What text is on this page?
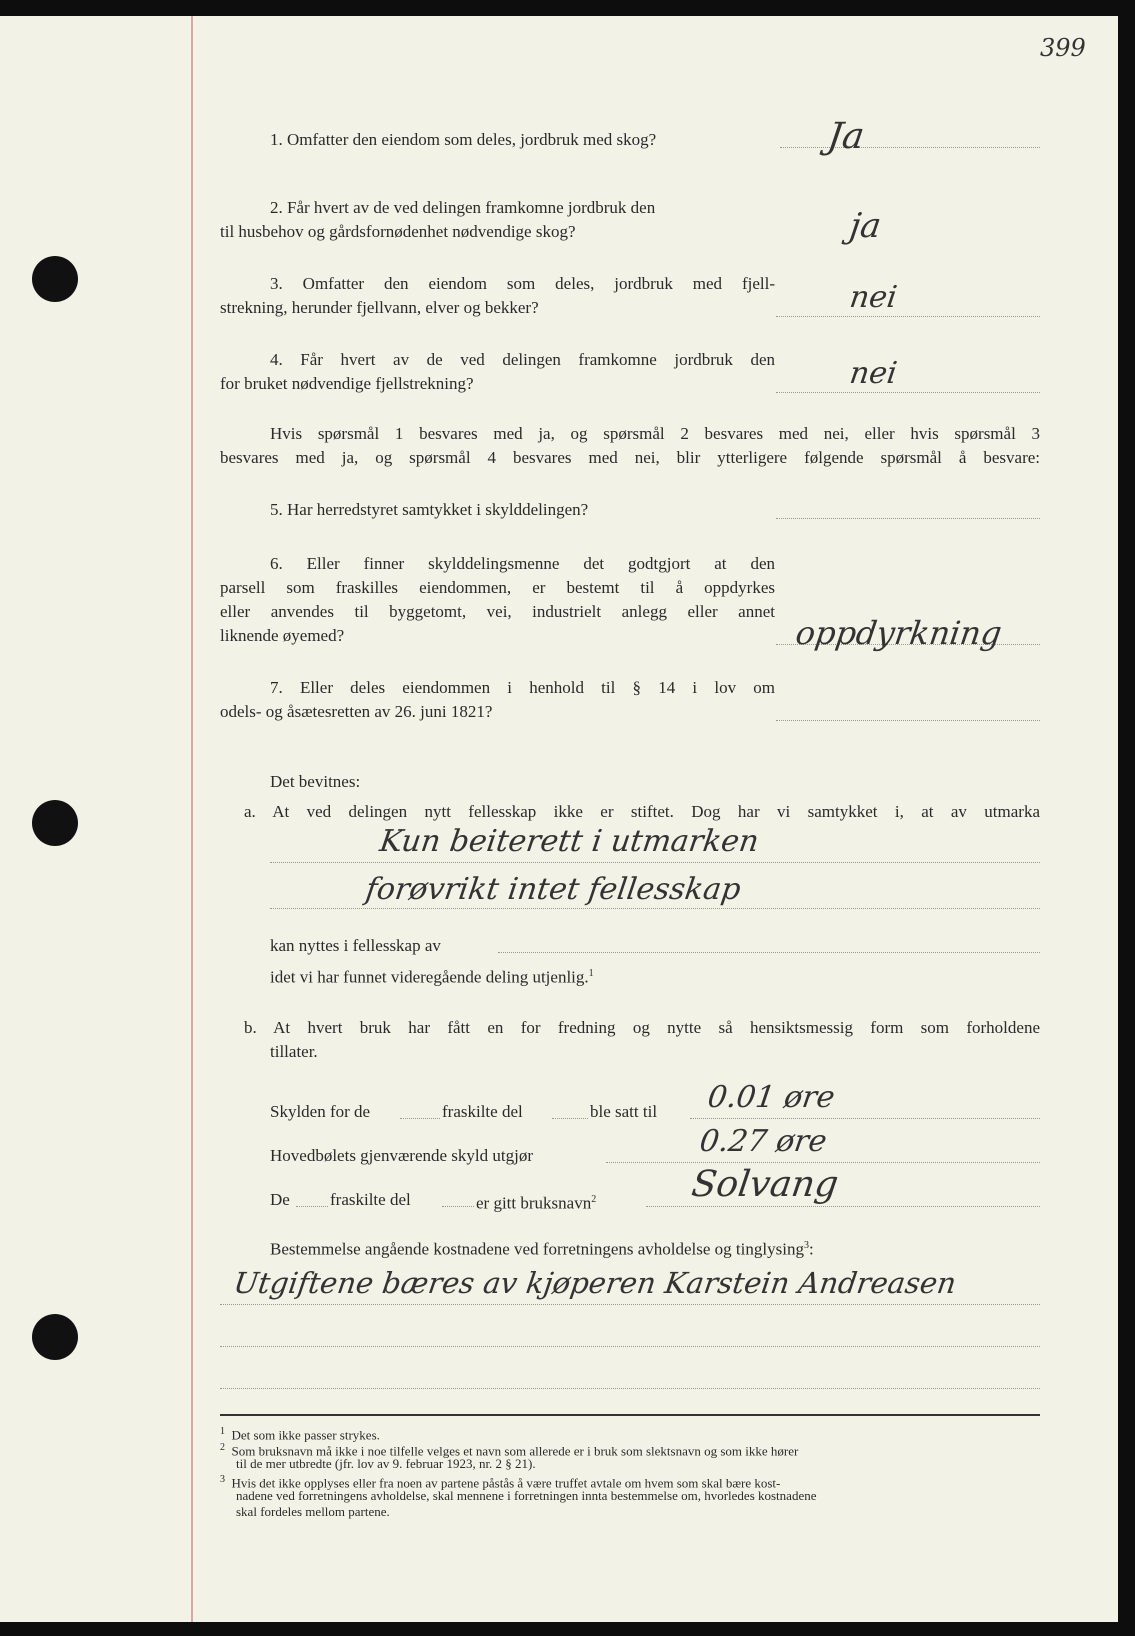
399
1. Omfatter den eiendom som deles, jordbruk med skog?	Ja
2. Får hvert av de ved delingen framkomne jordbruk den
til husbehov og gårdsfornødenhet nødvendige skog?	ja
3. Omfatter den eiendom som deles, jordbruk med fjell-
strekning, herunder fjellvann, elver og bekker?	nei
4. Får hvert av de ved delingen framkomne jordbruk den
for bruket nødvendige fjellstrekning?	nei
Hvis spørsmål 1 besvares med ja, og spørsmål 2 besvares med nei, eller hvis spørsmål 3
besvares med ja, og spørsmål 4 besvares med nei, blir ytterligere følgende spørsmål å besvare:
5. Har herredstyret samtykket i skylddelingen?
6. Eller finner skylddelingsmenne det godtgjort at den
parsell som fraskilles eiendommen, er bestemt til å oppdyrkes
eller anvendes til byggetomt, vei, industrielt anlegg eller annet
liknende øyemed?	oppdyrkning
7. Eller deles eiendommen i henhold til § 14 i lov om
odels- og åsætesretten av 26. juni 1821?
Det bevitnes:
a. At ved delingen nytt fellesskap ikke er stiftet. Dog har vi samtykket i, at av utmarka
Kun beiterett i utmarken
forøvrikt intet fellesskap
kan nyttes i fellesskap av
idet vi har funnet videregående deling utjenlig.$^1$
b. At hvert bruk har fått en for fredning og nytte så hensiktsmessig form som forholdene
tillater.
Skylden for de	fraskilte del	ble satt til 0.01 øre
Hovedbølets gjenværende skyld utgjør	0.27 øre
De fraskilte del	er gitt bruksnavn$^2$	Solvang
Bestemmelse angående kostnadene ved forretningens avholdelse og tinglysing$^3$:
Utgiftene bæres av kjøperen Karstein Andreasen
$^1$ Det som ikke passer strykes.
$^2$ Som bruksnavn må ikke i noe tilfelle velges et navn som allerede er i bruk som slektsnavn og som ikke hører
til de mer utbredte (jfr. lov av 9. februar 1923, nr. 2 § 21).
$^3$ Hvis det ikke opplyses eller fra noen av partene påstås å være truffet avtale om hvem som skal bære kost-
nadene ved forretningens avholdelse, skal mennene i forretningen innta bestemmelse om, hvorledes kostnadene
skal fordeles mellom partene.
